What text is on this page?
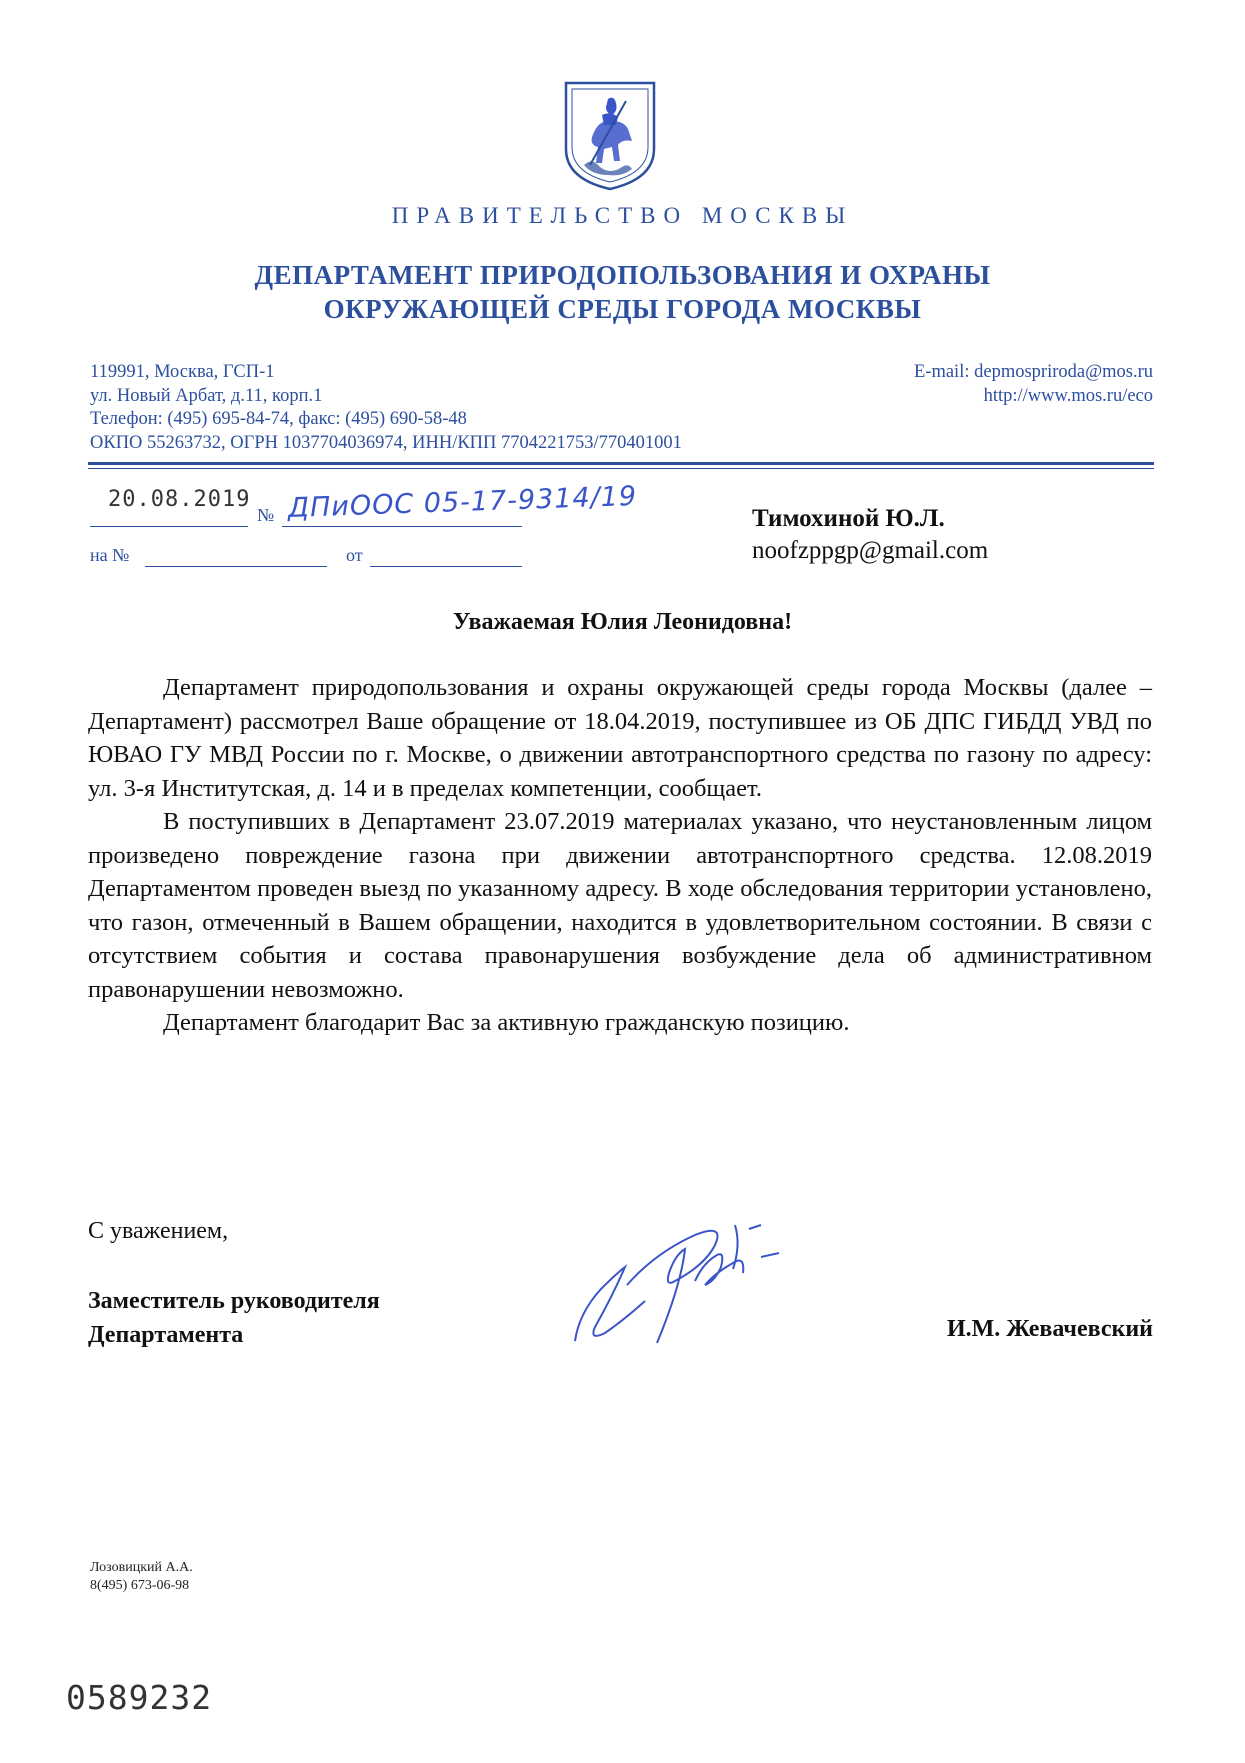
ПРАВИТЕЛЬСТВО МОСКВЫ
ДЕПАРТАМЕНТ ПРИРОДОПОЛЬЗОВАНИЯ И ОХРАНЫ
ОКРУЖАЮЩЕЙ СРЕДЫ ГОРОДА МОСКВЫ
119991, Москва, ГСП-1
ул. Новый Арбат, д.11, корп.1
Телефон: (495) 695-84-74, факс: (495) 690-58-48
ОКПО 55263732, ОГРН 1037704036974, ИНН/КПП 7704221753/770401001
E-mail: depmospriroda@mos.ru
http://www.mos.ru/eco
20.08.2019
№ ДПиООС 05-17-9314/19
на №	от
Тимохиной Ю.Л.
noofzppgp@gmail.com
Уважаемая Юлия Леонидовна!

Департамент природопользования и охраны окружающей среды города Москвы (далее – Департамент) рассмотрел Ваше обращение от 18.04.2019, поступившее из ОБ ДПС ГИБДД УВД по ЮВАО ГУ МВД России по г. Москве, о движении автотранспортного средства по газону по адресу: ул. 3-я Институтская, д. 14 и в пределах компетенции, сообщает.

В поступивших в Департамент 23.07.2019 материалах указано, что неустановленным лицом произведено повреждение газона при движении автотранспортного средства. 12.08.2019 Департаментом проведен выезд по указанному адресу. В ходе обследования территории установлено, что газон, отмеченный в Вашем обращении, находится в удовлетворительном состоянии. В связи с отсутствием события и состава правонарушения возбуждение дела об административном правонарушении невозможно.

Департамент благодарит Вас за активную гражданскую позицию.

С уважением,
Заместитель руководителя
Департамента	И.М. Жевачевский
Лозовицкий А.А.
8(495) 673-06-98
0589232
